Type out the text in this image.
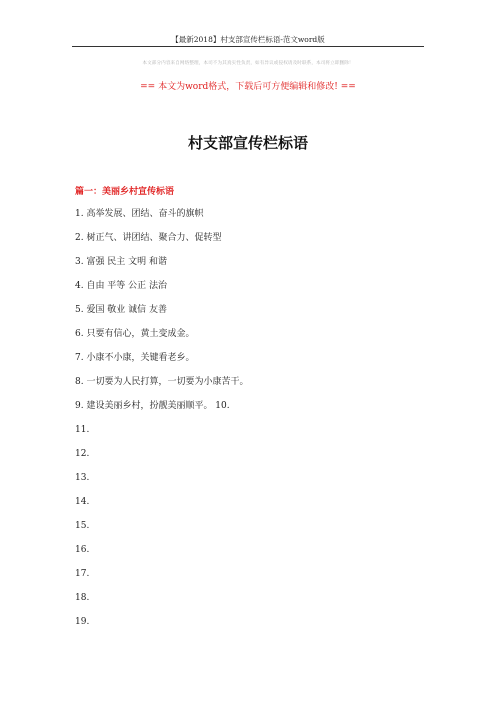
【最新2018】村支部宣传栏标语-范文word版
本文部分内容来自网络整理，本司不为其真实性负责，如有异议或侵权请及时联系，本司将立即删除！
== 本文为word格式，下载后可方便编辑和修改! ==
村支部宣传栏标语
篇一：美丽乡村宣传标语
1. 高举发展、团结、奋斗的旗帜
2. 树正气、讲团结、聚合力、促转型
3. 富强 民主 文明 和谐
4. 自由 平等 公正 法治
5. 爱国 敬业 诚信 友善
6. 只要有信心，黄土变成金。
7. 小康不小康，关键看老乡。
8. 一切要为人民打算，一切要为小康苦干。
9. 建设美丽乡村，扮靓美丽顺平。 10.
11.
12.
13.
14.
15.
16.
17.
18.
19.
